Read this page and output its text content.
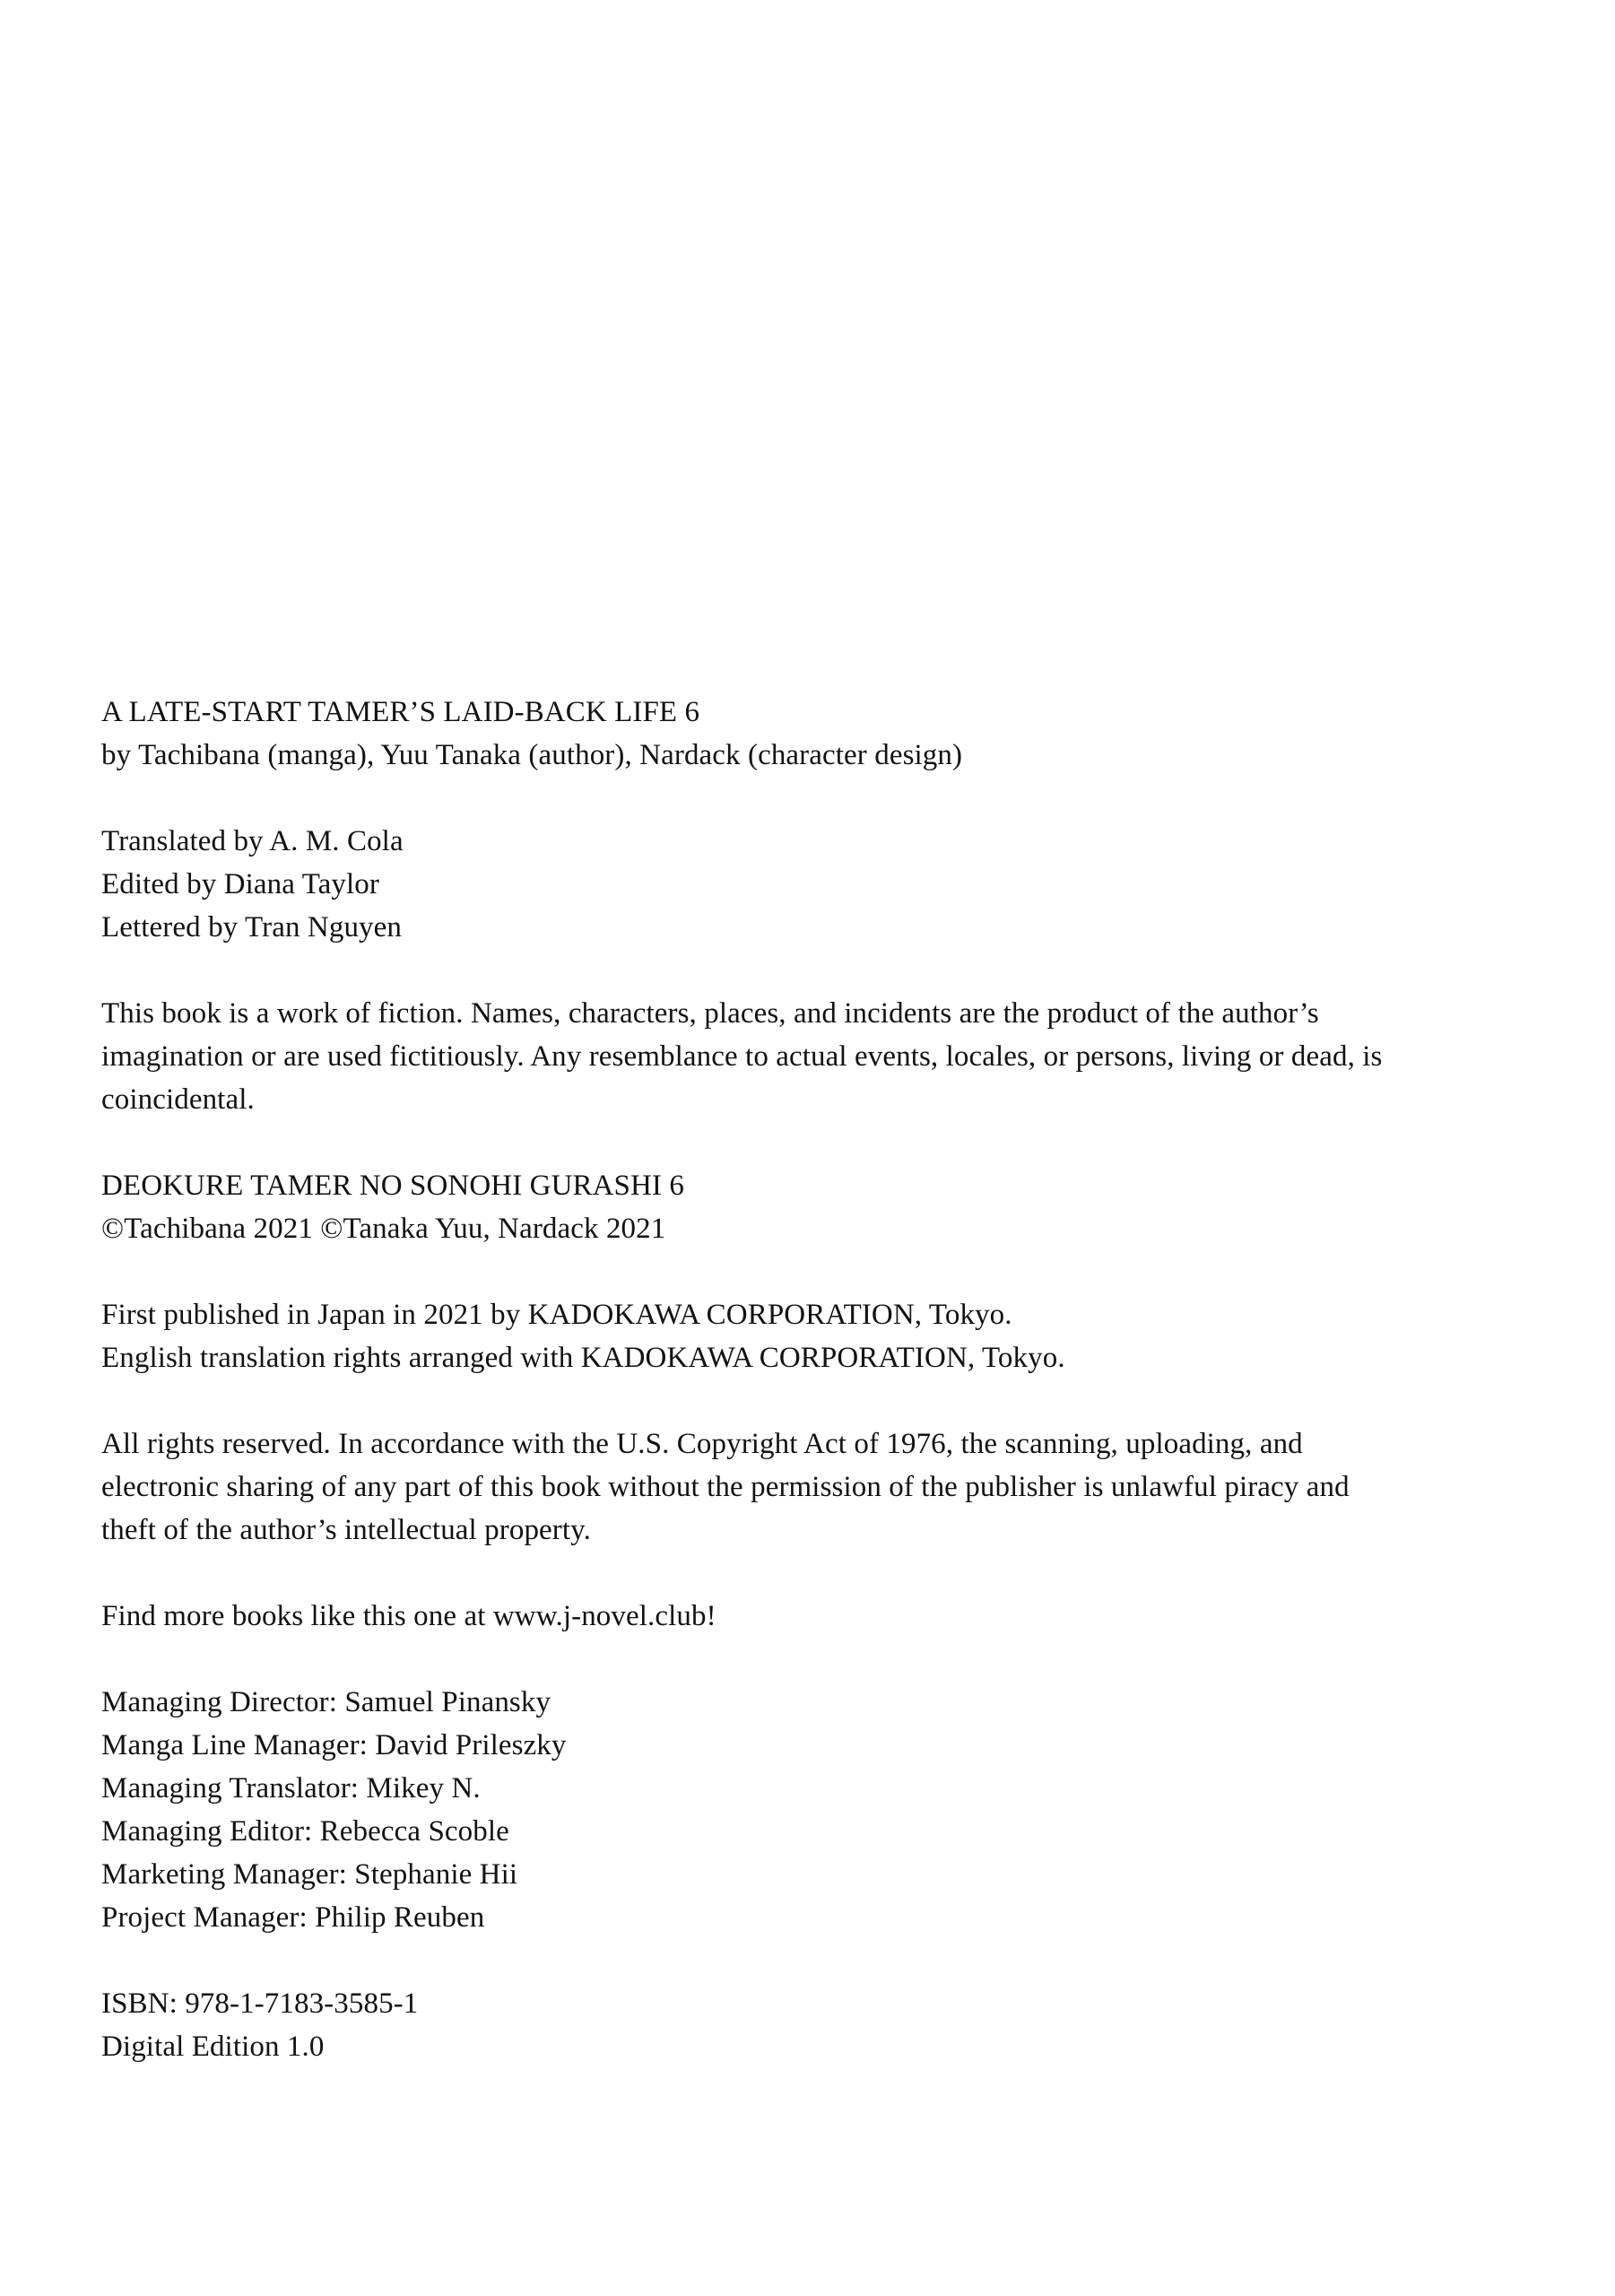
A LATE-START TAMER’S LAID-BACK LIFE 6
by Tachibana (manga), Yuu Tanaka (author), Nardack (character design)

Translated by A. M. Cola
Edited by Diana Taylor
Lettered by Tran Nguyen

This book is a work of fiction. Names, characters, places, and incidents are the product of the author’s imagination or are used fictitiously. Any resemblance to actual events, locales, or persons, living or dead, is coincidental.

DEOKURE TAMER NO SONOHI GURASHI 6
©Tachibana 2021 ©Tanaka Yuu, Nardack 2021

First published in Japan in 2021 by KADOKAWA CORPORATION, Tokyo.
English translation rights arranged with KADOKAWA CORPORATION, Tokyo.

All rights reserved. In accordance with the U.S. Copyright Act of 1976, the scanning, uploading, and electronic sharing of any part of this book without the permission of the publisher is unlawful piracy and theft of the author’s intellectual property.

Find more books like this one at www.j-novel.club!

Managing Director: Samuel Pinansky
Manga Line Manager: David Prileszky
Managing Translator: Mikey N.
Managing Editor: Rebecca Scoble
Marketing Manager: Stephanie Hii
Project Manager: Philip Reuben

ISBN: 978-1-7183-3585-1
Digital Edition 1.0
